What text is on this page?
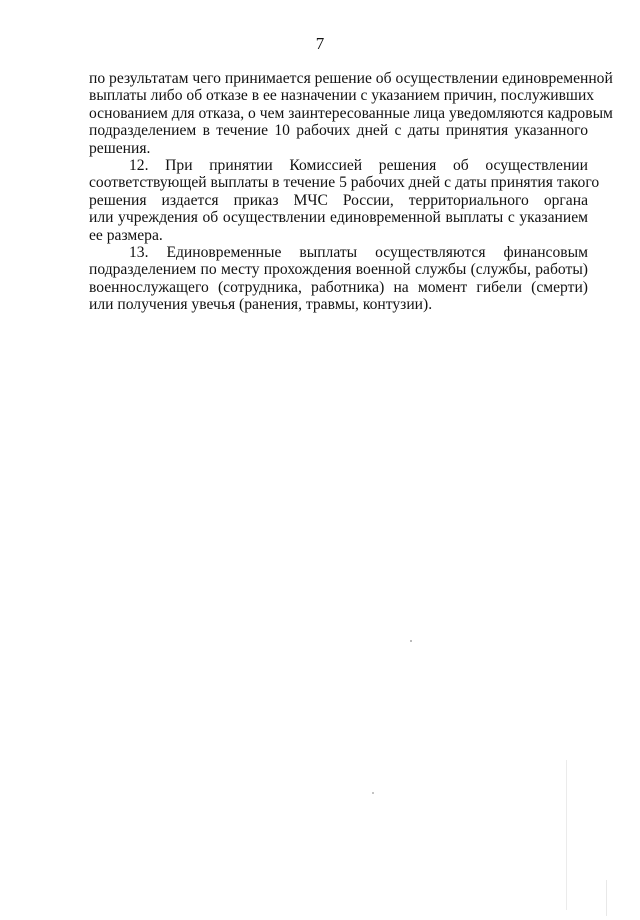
7
по результатам чего принимается решение об осуществлении единовременной
выплаты либо об отказе в ее назначении с указанием причин, послуживших
основанием для отказа, о чем заинтересованные лица уведомляются кадровым
подразделением в течение 10 рабочих дней с даты принятия указанного
решения.
12. При принятии Комиссией решения об осуществлении
соответствующей выплаты в течение 5 рабочих дней с даты принятия такого
решения издается приказ МЧС России, территориального органа
или учреждения об осуществлении единовременной выплаты с указанием
ее размера.
13. Единовременные выплаты осуществляются финансовым
подразделением по месту прохождения военной службы (службы, работы)
военнослужащего (сотрудника, работника) на момент гибели (смерти)
или получения увечья (ранения, травмы, контузии).
